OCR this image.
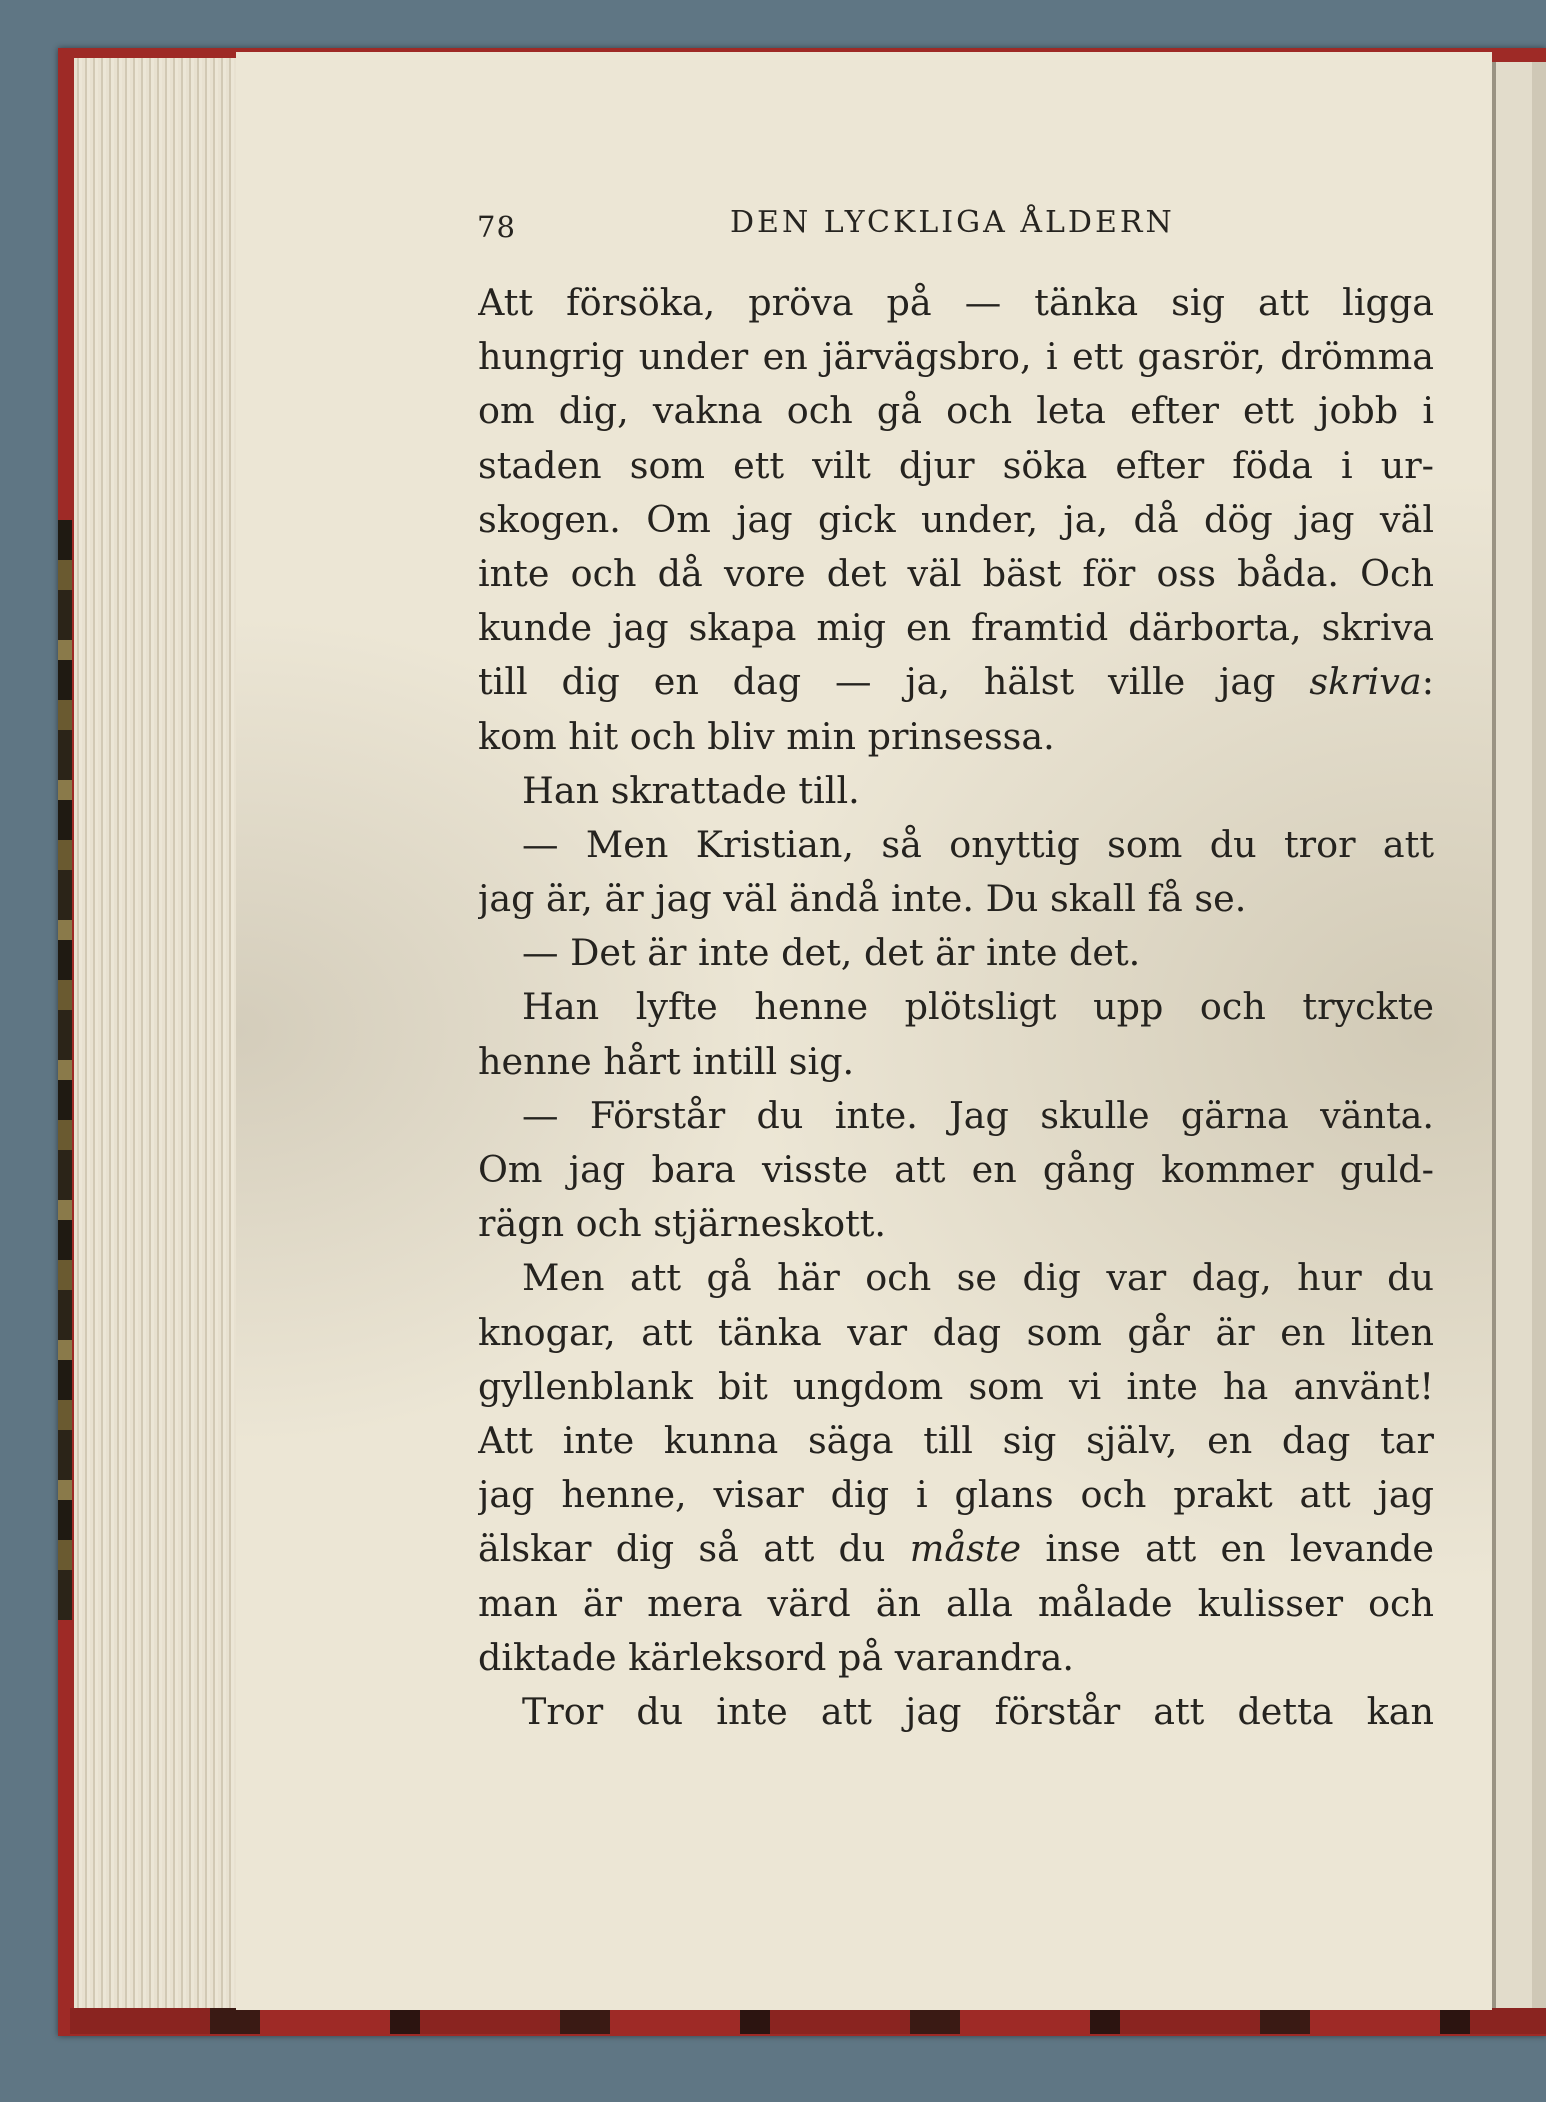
78	DEN LYCKLIGA ÅLDERN
Att försöka, pröva på — tänka sig att ligga
hungrig under en järvägsbro, i ett gasrör, drömma
om dig, vakna och gå och leta efter ett jobb i
staden som ett vilt djur söka efter föda i ur-
skogen. Om jag gick under, ja, då dög jag väl
inte och då vore det väl bäst för oss båda. Och
kunde jag skapa mig en framtid därborta, skriva
till dig en dag — ja, hälst ville jag skriva:
kom hit och bliv min prinsessa.
Han skrattade till.
— Men Kristian, så onyttig som du tror att
jag är, är jag väl ändå inte. Du skall få se.
— Det är inte det, det är inte det.
Han lyfte henne plötsligt upp och tryckte
henne hårt intill sig.
— Förstår du inte. Jag skulle gärna vänta.
Om jag bara visste att en gång kommer guld-
rägn och stjärneskott.
Men att gå här och se dig var dag, hur du
knogar, att tänka var dag som går är en liten
gyllenblank bit ungdom som vi inte ha använt!
Att inte kunna säga till sig själv, en dag tar
jag henne, visar dig i glans och prakt att jag
älskar dig så att du måste inse att en levande
man är mera värd än alla målade kulisser och
diktade kärleksord på varandra.
Tror du inte att jag förstår att detta kan
